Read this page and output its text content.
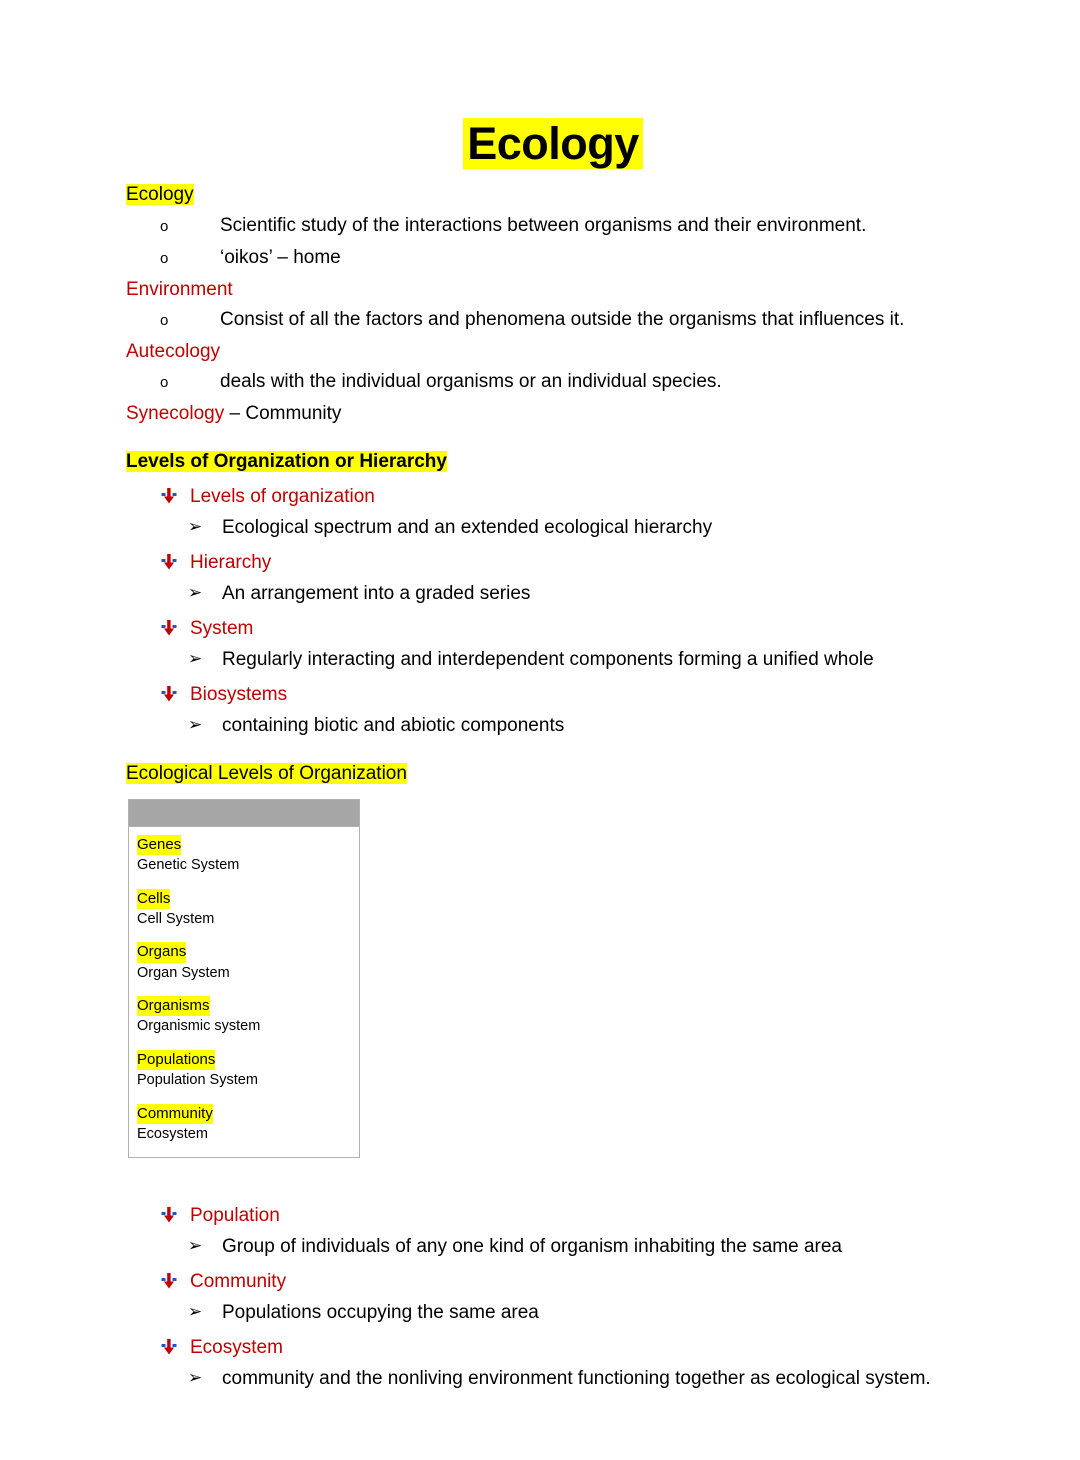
Ecology
Ecology
o Scientific study of the interactions between organisms and their environment.
o ‘oikos’ – home
Environment
o Consist of all the factors and phenomena outside the organisms that influences it.
Autecology
o deals with the individual organisms or an individual species.
Synecology – Community
Levels of Organization or Hierarchy
Levels of organization
➢ Ecological spectrum and an extended ecological hierarchy
Hierarchy
➢ An arrangement into a graded series
System
➢ Regularly interacting and interdependent components forming a unified whole
Biosystems
➢ containing biotic and abiotic components
Ecological Levels of Organization
Genes
Genetic System
Cells
Cell System
Organs
Organ System
Organisms
Organismic system
Populations
Population System
Community
Ecosystem
Population
➢ Group of individuals of any one kind of organism inhabiting the same area
Community
➢ Populations occupying the same area
Ecosystem
➢ community and the nonliving environment functioning together as ecological system.
